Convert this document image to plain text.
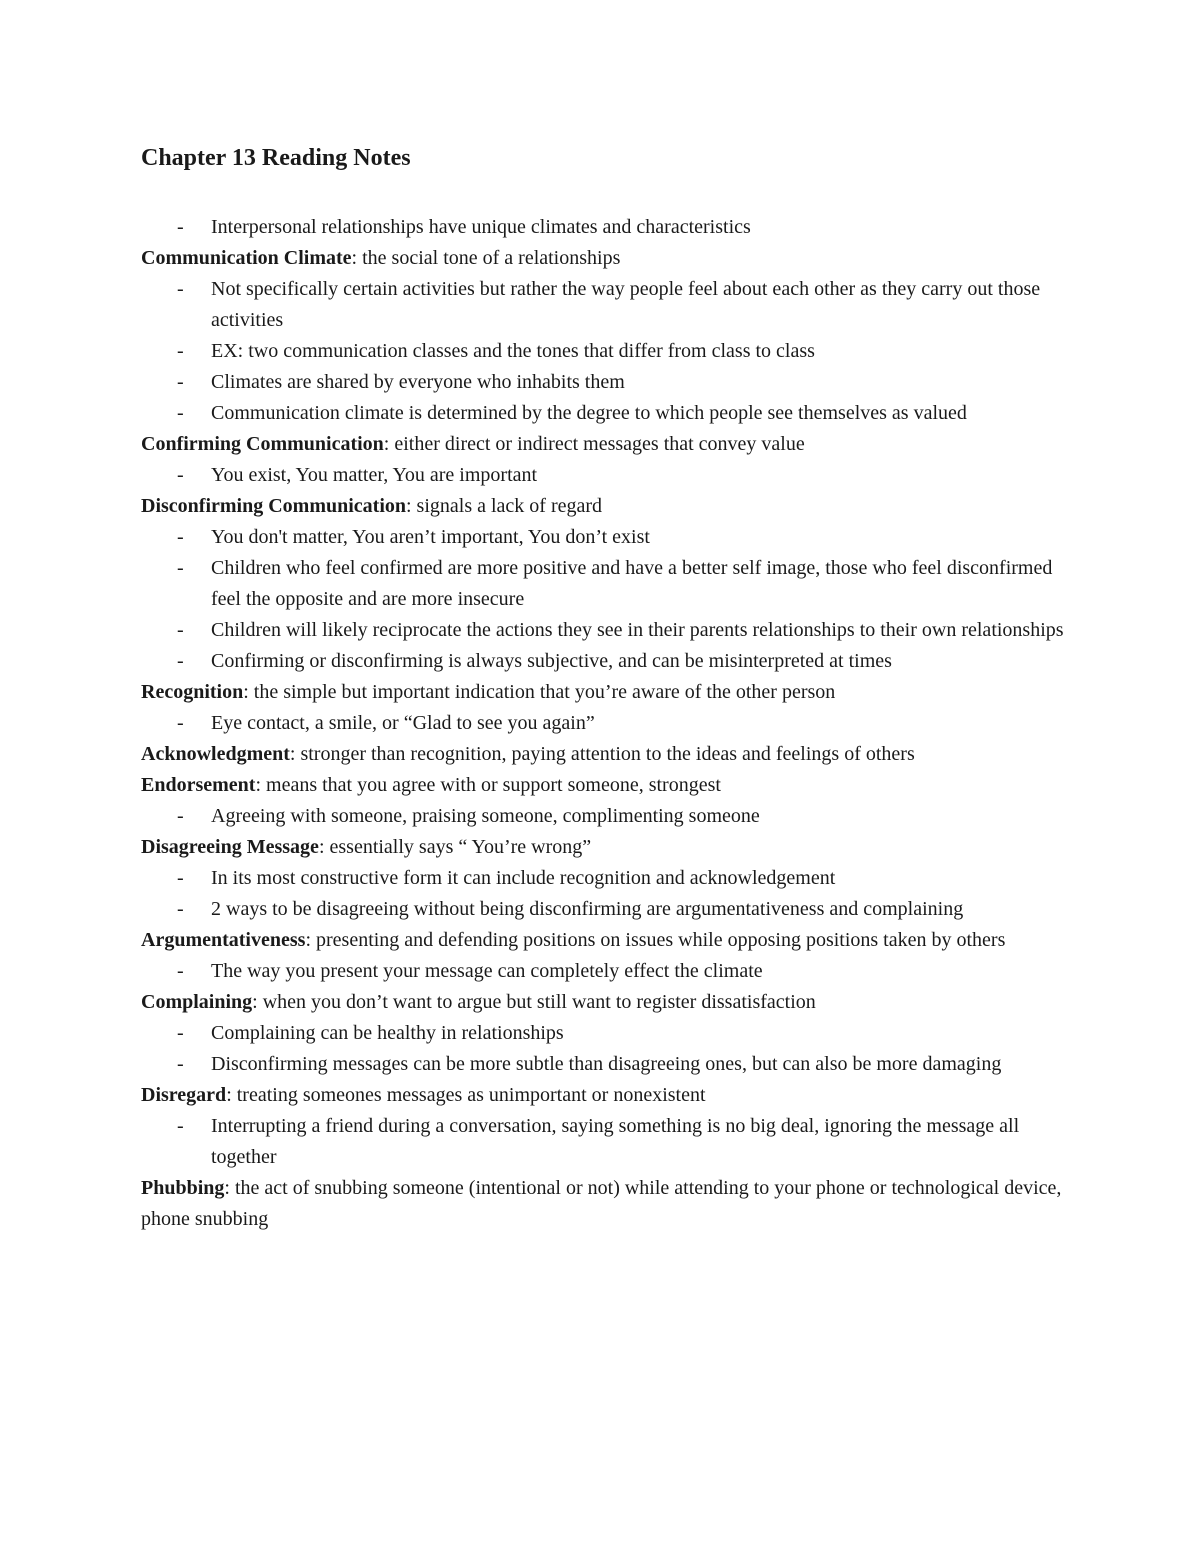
Chapter 13 Reading Notes
- Interpersonal relationships have unique climates and characteristics

Communication Climate: the social tone of a relationships

- Not specifically certain activities but rather the way people feel about each other as they carry out those activities
- EX: two communication classes and the tones that differ from class to class
- Climates are shared by everyone who inhabits them
- Communication climate is determined by the degree to which people see themselves as valued

Confirming Communication: either direct or indirect messages that convey value

- You exist, You matter, You are important

Disconfirming Communication: signals a lack of regard

- You don't matter, You aren’t important, You don’t exist
- Children who feel confirmed are more positive and have a better self image, those who feel disconfirmed feel the opposite and are more insecure
- Children will likely reciprocate the actions they see in their parents relationships to their own relationships
- Confirming or disconfirming is always subjective, and can be misinterpreted at times

Recognition: the simple but important indication that you’re aware of the other person

- Eye contact, a smile, or “Glad to see you again”

Acknowledgment: stronger than recognition, paying attention to the ideas and feelings of others

Endorsement: means that you agree with or support someone, strongest

- Agreeing with someone, praising someone, complimenting someone

Disagreeing Message: essentially says “ You’re wrong”

- In its most constructive form it can include recognition and acknowledgement
- 2 ways to be disagreeing without being disconfirming are argumentativeness and complaining

Argumentativeness: presenting and defending positions on issues while opposing positions taken by others

- The way you present your message can completely effect the climate

Complaining: when you don’t want to argue but still want to register dissatisfaction

- Complaining can be healthy in relationships
- Disconfirming messages can be more subtle than disagreeing ones, but can also be more damaging

Disregard: treating someones messages as unimportant or nonexistent

- Interrupting a friend during a conversation, saying something is no big deal, ignoring the message all together

Phubbing: the act of snubbing someone (intentional or not) while attending to your phone or technological device, phone snubbing
